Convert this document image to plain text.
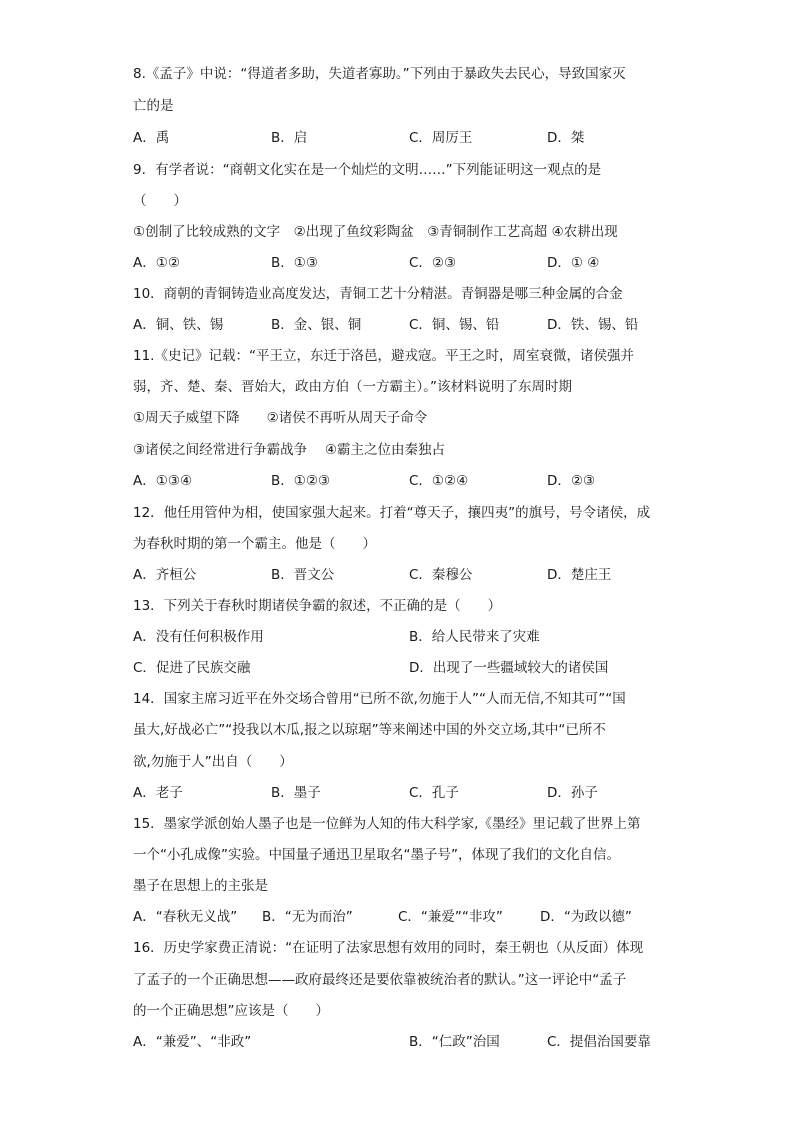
8.《孟子》中说：“得道者多助，失道者寡助。”下列由于暴政失去民心，导致国家灭
亡的是
A．禹	B．启	C．周厉王	D．桀
9．有学者说：“商朝文化实在是一个灿烂的文明……”下列能证明这一观点的是
（　　）
①创制了比较成熟的文字　②出现了鱼纹彩陶盆　③青铜制作工艺高超 ④农耕出现
A．①②	B．①③	C．②③	D．① ④
10．商朝的青铜铸造业高度发达，青铜工艺十分精湛。青铜器是哪三种金属的合金
A．铜、铁、锡	B．金、银、铜	C．铜、锡、铅	D．铁、锡、铅
11.《史记》记载：“平王立，东迁于洛邑，避戎寇。平王之时，周室衰微，诸侯强并
弱，齐、楚、秦、晋始大，政由方伯（一方霸主）。”该材料说明了东周时期
①周天子威望下降　　②诸侯不再听从周天子命令
③诸侯之间经常进行争霸战争　 ④霸主之位由秦独占
A．①③④	B．①②③	C．①②④	D．②③
12．他任用管仲为相，使国家强大起来。打着“尊天子，攘四夷”的旗号，号令诸侯，成
为春秋时期的第一个霸主。他是（　　）
A．齐桓公	B．晋文公	C．秦穆公	D．楚庄王
13．下列关于春秋时期诸侯争霸的叙述，不正确的是（　　）
A．没有任何积极作用	B．给人民带来了灾难
C．促进了民族交融	D．出现了一些疆域较大的诸侯国
14．国家主席习近平在外交场合曾用“已所不欲,勿施于人”“人而无信,不知其可”“国
虽大,好战必亡”“投我以木瓜,报之以琼琚”等来阐述中国的外交立场,其中“已所不
欲,勿施于人”出自（　　）
A．老子	B．墨子	C．孔子	D．孙子
15．墨家学派创始人墨子也是一位鲜为人知的伟大科学家,《墨经》里记载了世界上第
一个“小孔成像”实验。中国量子通迅卫星取名“墨子号”，体现了我们的文化自信。
墨子在思想上的主张是
A．“春秋无义战” B．“无为而治”	C．“兼爱”“非攻”	D．“为政以德”
16．历史学家费正清说：“在证明了法家思想有效用的同时，秦王朝也（从反面）体现
了孟子的一个正确思想——政府最终还是要依靠被统治者的默认。”这一评论中“孟子
的一个正确思想”应该是（　　）
A．“兼爱”、“非政”	B．“仁政”治国	C．提倡治国要靠
